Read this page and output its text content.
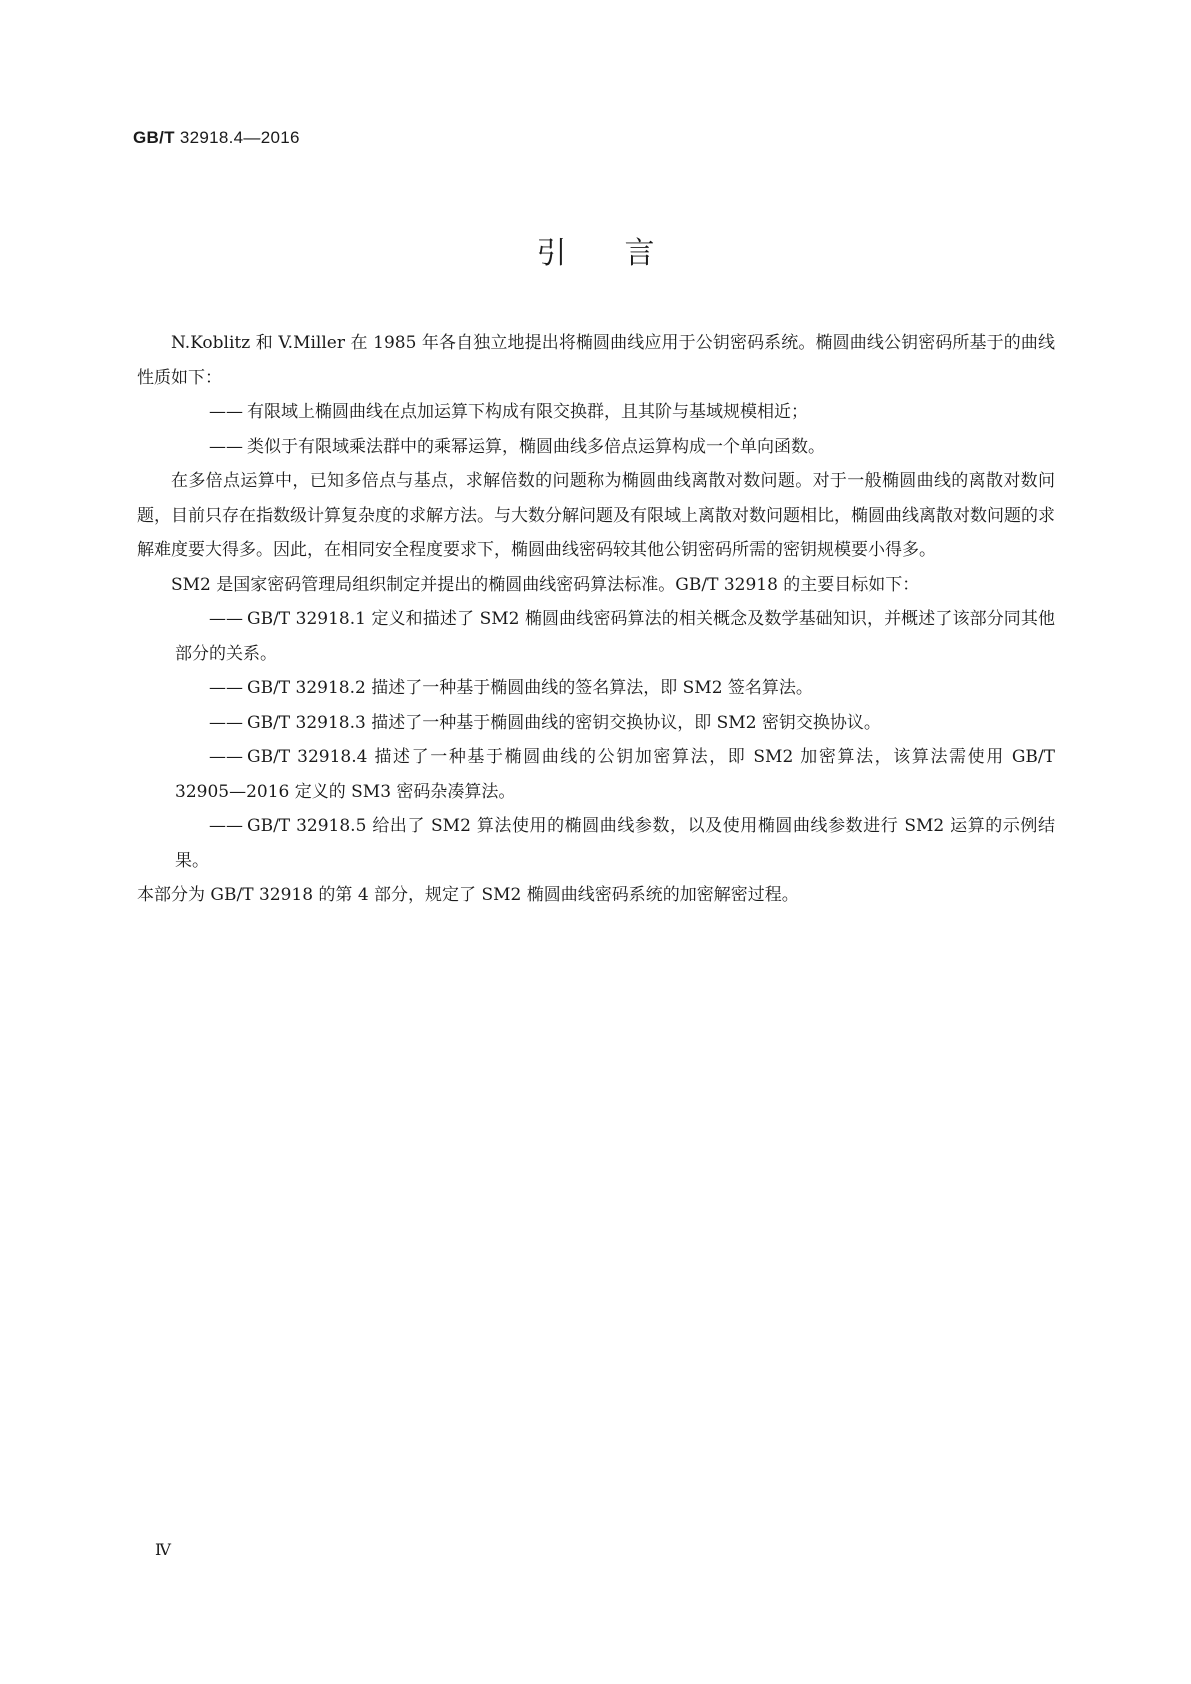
GB/T 32918.4—2016
引言

N.Koblitz 和 V.Miller 在 1985 年各自独立地提出将椭圆曲线应用于公钥密码系统。椭圆曲线公钥密码所基于的曲线性质如下：

—— 有限域上椭圆曲线在点加运算下构成有限交换群，且其阶与基域规模相近；

—— 类似于有限域乘法群中的乘幂运算，椭圆曲线多倍点运算构成一个单向函数。

在多倍点运算中，已知多倍点与基点，求解倍数的问题称为椭圆曲线离散对数问题。对于一般椭圆曲线的离散对数问题，目前只存在指数级计算复杂度的求解方法。与大数分解问题及有限域上离散对数问题相比，椭圆曲线离散对数问题的求解难度要大得多。因此，在相同安全程度要求下，椭圆曲线密码较其他公钥密码所需的密钥规模要小得多。

SM2 是国家密码管理局组织制定并提出的椭圆曲线密码算法标准。GB/T 32918 的主要目标如下：

—— GB/T 32918.1 定义和描述了 SM2 椭圆曲线密码算法的相关概念及数学基础知识，并概述了该部分同其他部分的关系。

—— GB/T 32918.2 描述了一种基于椭圆曲线的签名算法，即 SM2 签名算法。

—— GB/T 32918.3 描述了一种基于椭圆曲线的密钥交换协议，即 SM2 密钥交换协议。

—— GB/T 32918.4 描述了一种基于椭圆曲线的公钥加密算法，即 SM2 加密算法，该算法需使用 GB/T 32905—2016 定义的 SM3 密码杂凑算法。

—— GB/T 32918.5 给出了 SM2 算法使用的椭圆曲线参数，以及使用椭圆曲线参数进行 SM2 运算的示例结果。

本部分为 GB/T 32918 的第 4 部分，规定了 SM2 椭圆曲线密码系统的加密解密过程。

Ⅳ
